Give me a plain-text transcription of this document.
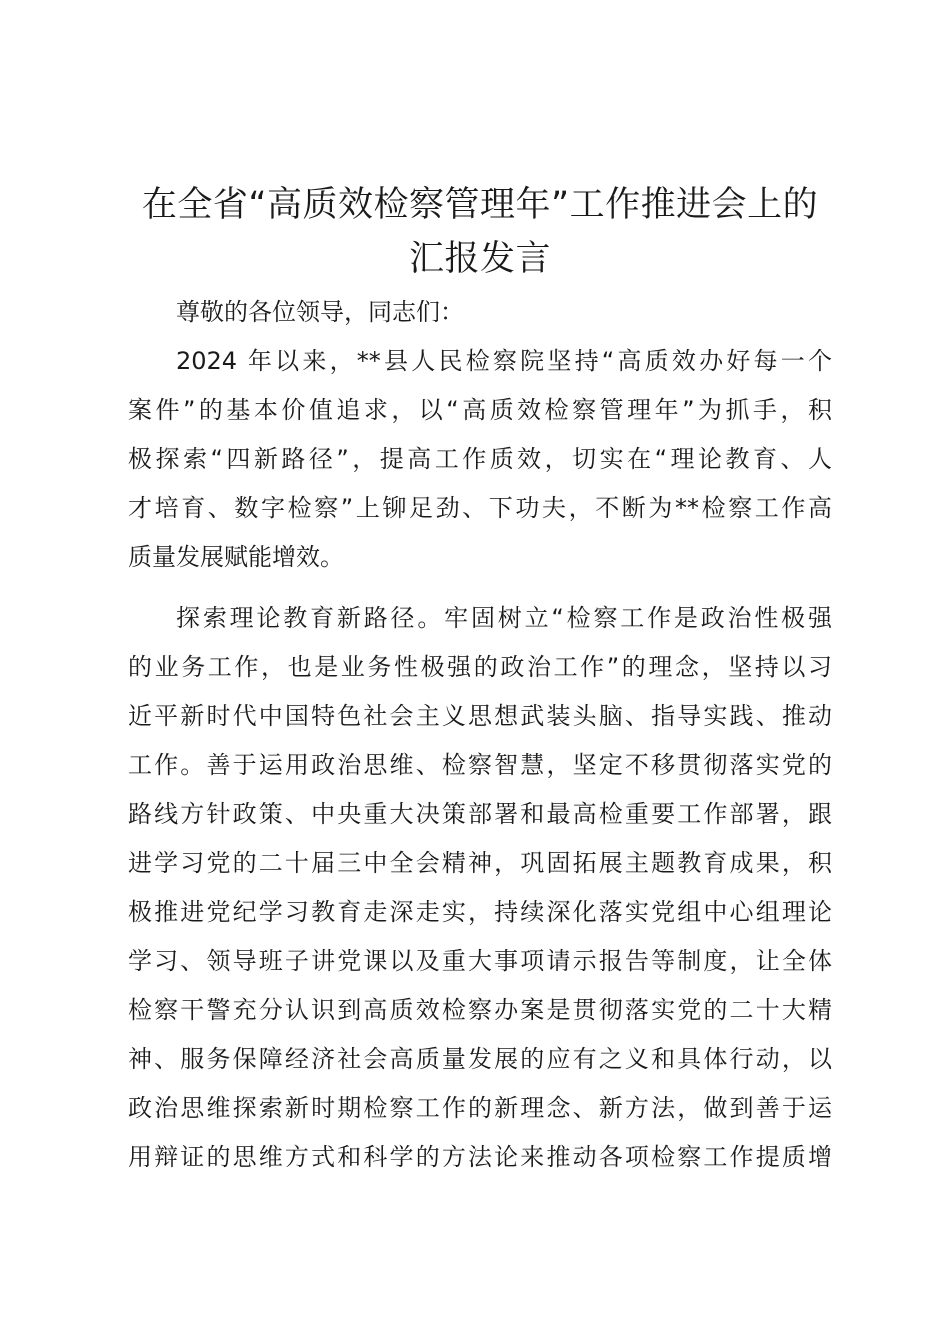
在全省“高质效检察管理年”工作推进会上的
汇报发言

尊敬的各位领导，同志们：

2024 年以来，**县人民检察院坚持“高质效办好每一个
案件”的基本价值追求，以“高质效检察管理年”为抓手，积
极探索“四新路径”，提高工作质效，切实在“理论教育、人
才培育、数字检察”上铆足劲、下功夫，不断为**检察工作高
质量发展赋能增效。

探索理论教育新路径。牢固树立“检察工作是政治性极强
的业务工作，也是业务性极强的政治工作”的理念，坚持以习
近平新时代中国特色社会主义思想武装头脑、指导实践、推动
工作。善于运用政治思维、检察智慧，坚定不移贯彻落实党的
路线方针政策、中央重大决策部署和最高检重要工作部署，跟
进学习党的二十届三中全会精神，巩固拓展主题教育成果，积
极推进党纪学习教育走深走实，持续深化落实党组中心组理论
学习、领导班子讲党课以及重大事项请示报告等制度，让全体
检察干警充分认识到高质效检察办案是贯彻落实党的二十大精
神、服务保障经济社会高质量发展的应有之义和具体行动，以
政治思维探索新时期检察工作的新理念、新方法，做到善于运
用辩证的思维方式和科学的方法论来推动各项检察工作提质增
